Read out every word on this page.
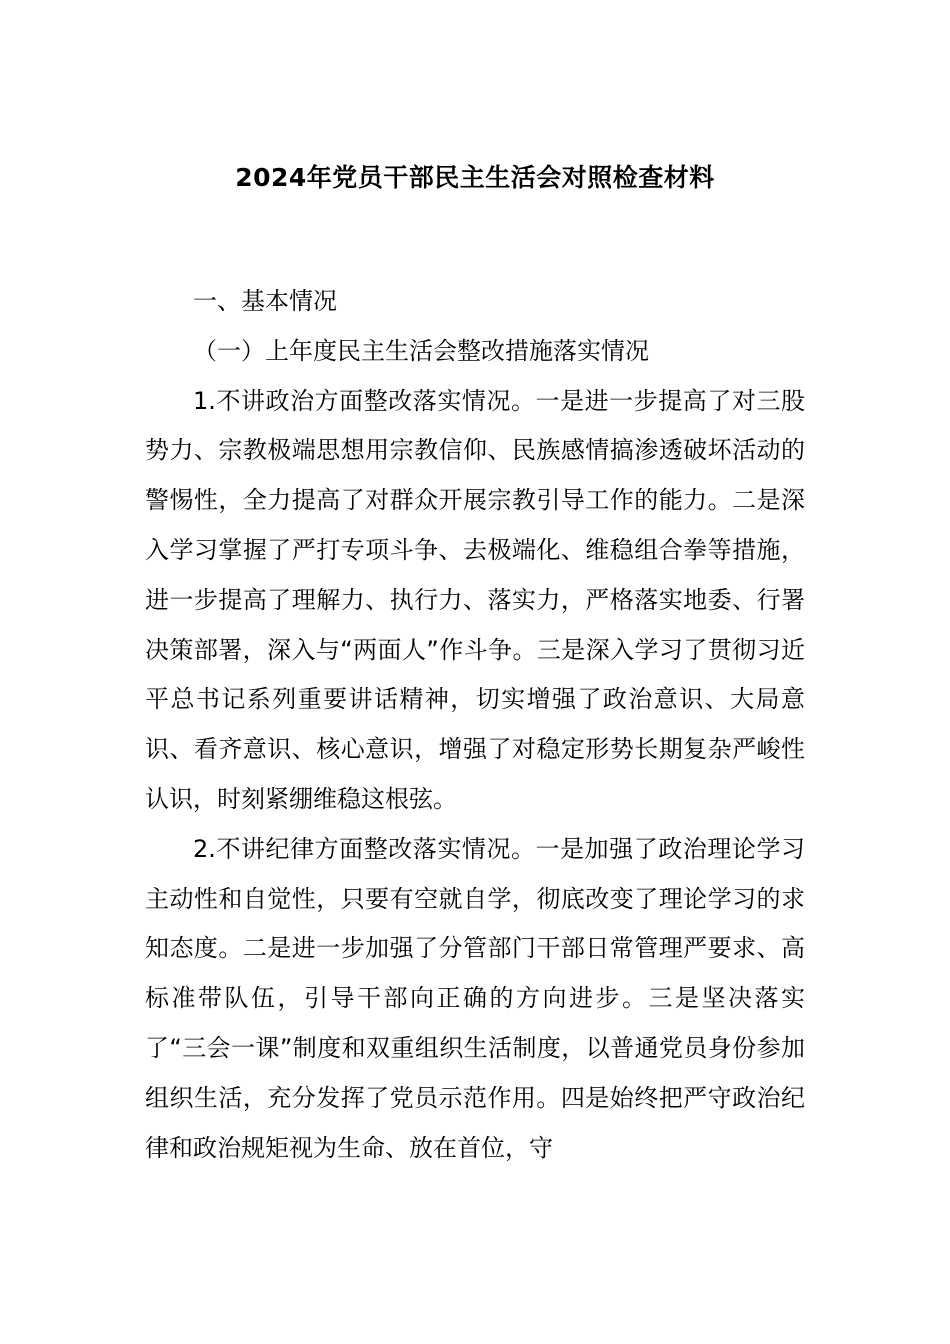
2024年党员干部民主生活会对照检查材料

一、基本情况

（一）上年度民主生活会整改措施落实情况

1.不讲政治方面整改落实情况。一是进一步提高了对三股势力、宗教极端思想用宗教信仰、民族感情搞渗透破坏活动的警惕性，全力提高了对群众开展宗教引导工作的能力。二是深入学习掌握了严打专项斗争、去极端化、维稳组合拳等措施，进一步提高了理解力、执行力、落实力，严格落实地委、行署决策部署，深入与“两面人”作斗争。三是深入学习了贯彻习近平总书记系列重要讲话精神，切实增强了政治意识、大局意识、看齐意识、核心意识，增强了对稳定形势长期复杂严峻性认识，时刻紧绷维稳这根弦。

2.不讲纪律方面整改落实情况。一是加强了政治理论学习主动性和自觉性，只要有空就自学，彻底改变了理论学习的求知态度。二是进一步加强了分管部门干部日常管理严要求、高标准带队伍，引导干部向正确的方向进步。三是坚决落实了“三会一课”制度和双重组织生活制度，以普通党员身份参加组织生活，充分发挥了党员示范作用。四是始终把严守政治纪律和政治规矩视为生命、放在首位，守
